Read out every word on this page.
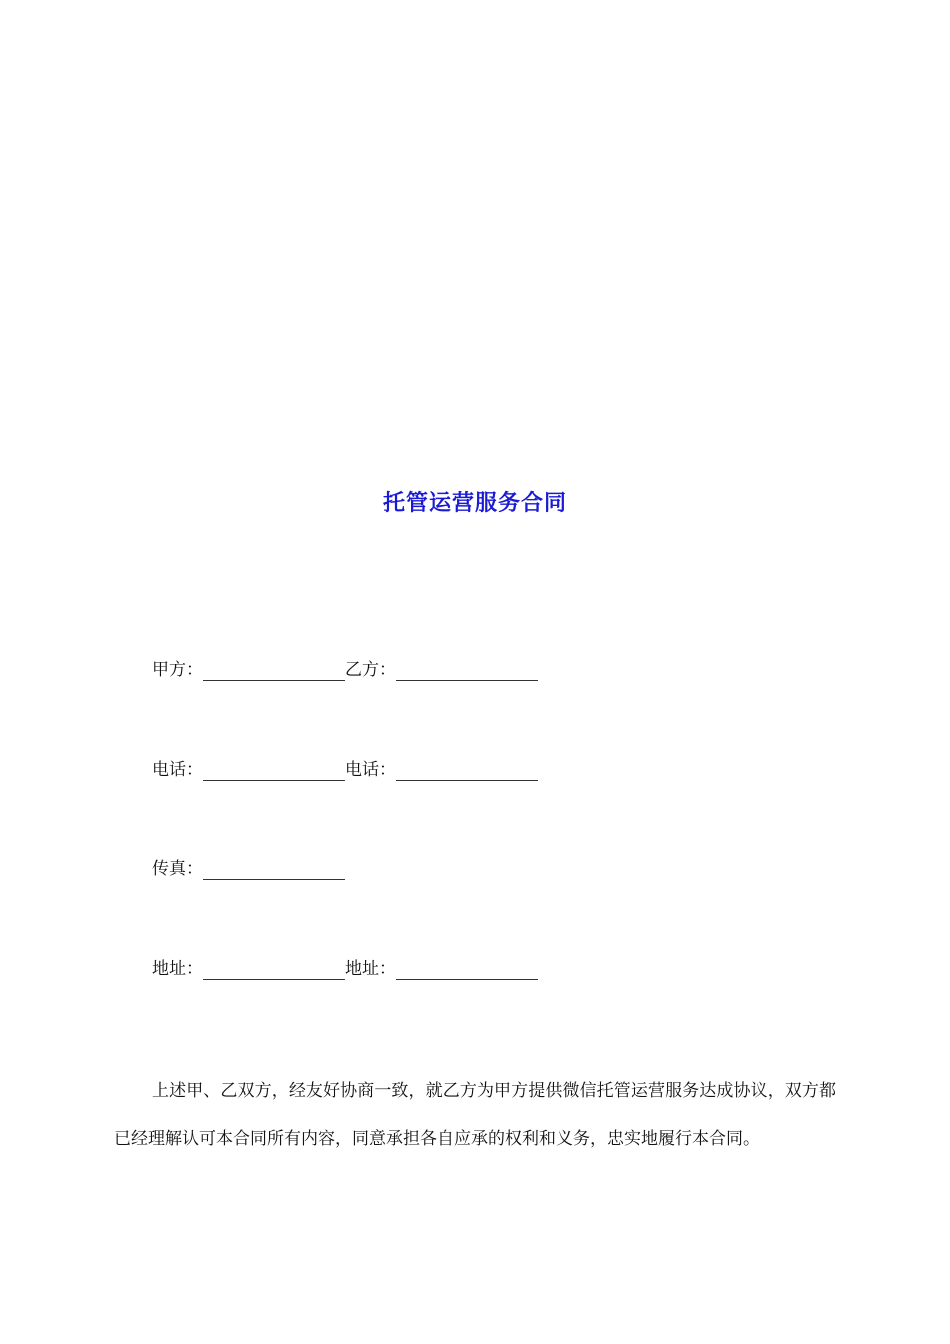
托管运营服务合同
甲方：	乙方：
电话：	电话：
传真：
地址：	地址：

上述甲、乙双方，经友好协商一致，就乙方为甲方提供微信托管运营服务达成协议，双方都已经理解认可本合同所有内容，同意承担各自应承的权利和义务，忠实地履行本合同。
